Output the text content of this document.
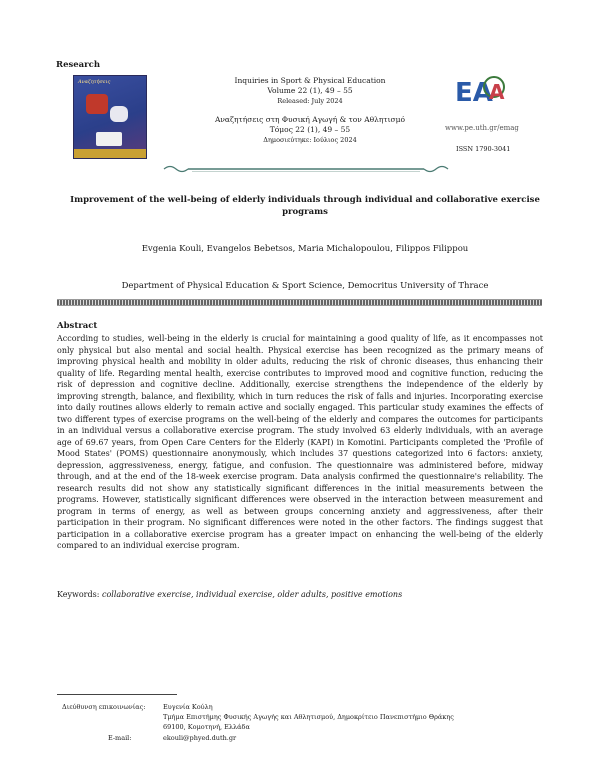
Research
Αναζητήσεις	Inquiries in Sport & Physical Education
Volume 22 (1), 49 – 55
Released: July 2024
Αναζητήσεις στη Φυσική Αγωγή & τον Αθλητισμό
Τόμος 22 (1), 49 – 55
Δημοσιεύτηκε: Ιούλιος 2024
EA
A
www.pe.uth.gr/emag
ISSN 1790-3041
Improvement of the well-being of elderly individuals through individual and collaborative exercise programs
Evgenia Kouli, Evangelos Bebetsos, Maria Michalopoulou, Filippos Filippou
Department of Physical Education & Sport Science, Democritus University of Thrace
Abstract
According to studies, well-being in the elderly is crucial for maintaining a good quality of life, as it encompasses not only physical but also mental and social health. Physical exercise has been recognized as the primary means of improving physical health and mobility in older adults, reducing the risk of chronic diseases, thus enhancing their quality of life. Regarding mental health, exercise contributes to improved mood and cognitive function, reducing the risk of depression and cognitive decline. Additionally, exercise strengthens the independence of the elderly by improving strength, balance, and flexibility, which in turn reduces the risk of falls and injuries. Incorporating exercise into daily routines allows elderly to remain active and socially engaged. This particular study examines the effects of two different types of exercise programs on the well-being of the elderly and compares the outcomes for participants in an individual versus a collaborative exercise program. The study involved 63 elderly individuals, with an average age of 69.67 years, from Open Care Centers for the Elderly (KAPI) in Komotini. Participants completed the 'Profile of Mood States' (POMS) questionnaire anonymously, which includes 37 questions categorized into 6 factors: anxiety, depression, aggressiveness, energy, fatigue, and confusion. The questionnaire was administered before, midway through, and at the end of the 18-week exercise program. Data analysis confirmed the questionnaire's reliability. The research results did not show any statistically significant differences in the initial measurements between the programs. However, statistically significant differences were observed in the interaction between measurement and program in terms of energy, as well as between groups concerning anxiety and aggressiveness, after their participation in their program. No significant differences were noted in the other factors. The findings suggest that participation in a collaborative exercise program has a greater impact on enhancing the well-being of the elderly compared to an individual exercise program.
Keywords: collaborative exercise, individual exercise, older adults, positive emotions
Διεύθυνση επικοινωνίας:	Ευγενία Κούλη
Τμήμα Επιστήμης Φυσικής Αγωγής και Αθλητισμού, Δημοκρίτειο Πανεπιστήμιο Θράκης
69100, Κομοτηνή, Ελλάδα
E-mail:	ekouli@phyed.duth.gr
